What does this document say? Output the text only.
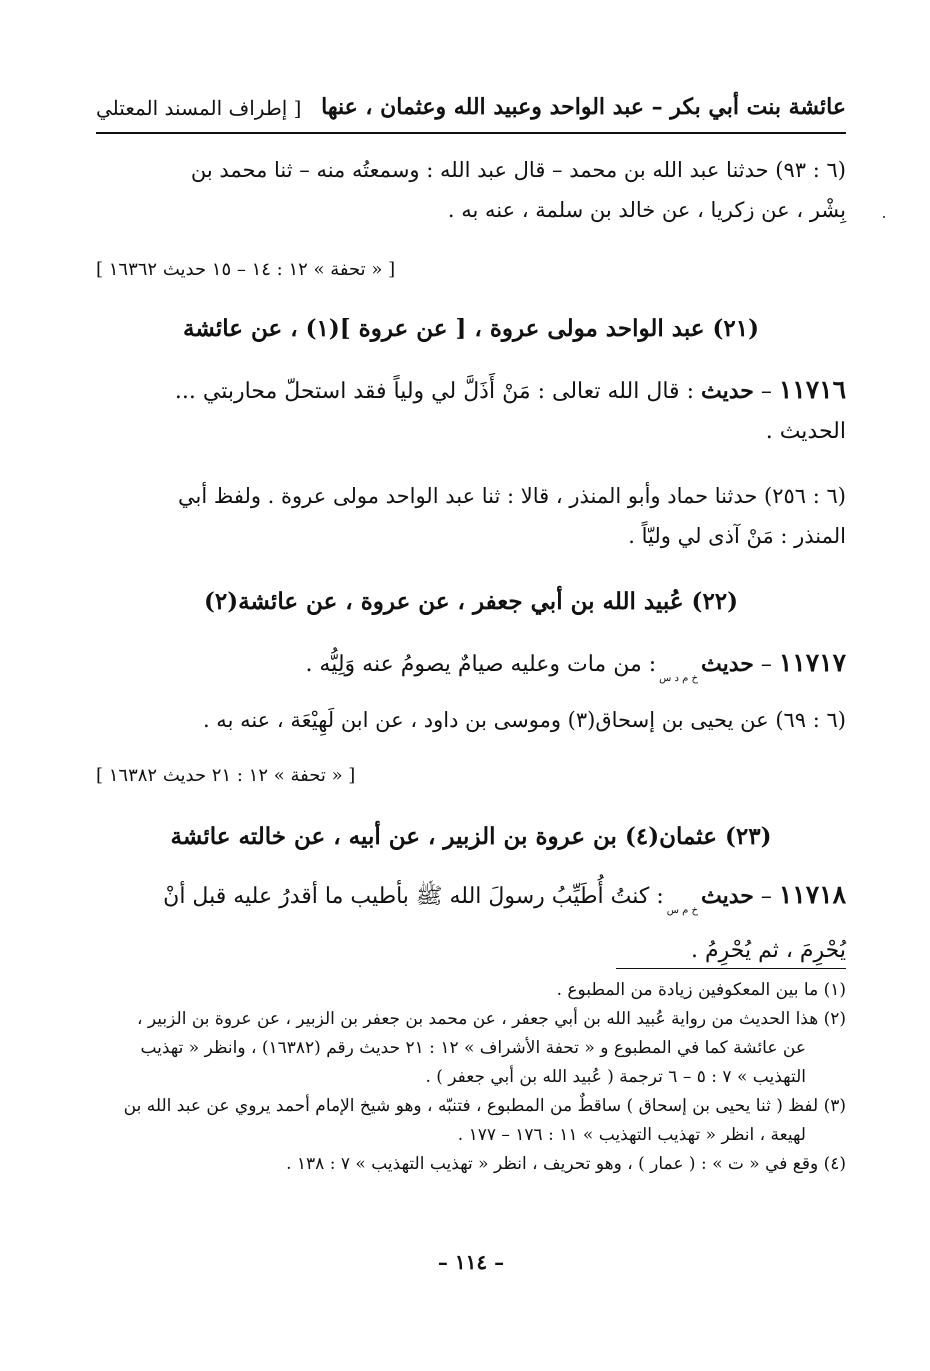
عائشة بنت أبي بكر – عبد الواحد وعبيد الله وعثمان ، عنها
[ إطراف المسند المعتلي
(٦ : ٩٣) حدثنا عبد الله بن محمد – قال عبد الله : وسمعتُه منه – ثنا محمد بن
بِشْر ، عن زكريا ، عن خالد بن سلمة ، عنه به .
[ « تحفة » ١٢ : ١٤ – ١٥ حديث ١٦٣٦٢ ]
(٢١) عبد الواحد مولى عروة ، [ عن عروة ](١) ، عن عائشة
١١٧١٦ – حديث : قال الله تعالى : مَنْ أَذَلَّ لي ولياً فقد استحلّ محاربتي ...
الحديث .
(٦ : ٢٥٦) حدثنا حماد وأبو المنذر ، قالا : ثنا عبد الواحد مولى عروة . ولفظ أبي
المنذر : مَنْ آذى لي وليّاً .
(٢٢) عُبيد الله بن أبي جعفر ، عن عروة ، عن عائشة(٢)
١١٧١٧ – حديث $_{خ م د س}$ : من مات وعليه صيامٌ يصومُ عنه وَلِيُّه .
(٦ : ٦٩) عن يحيى بن إسحاق(٣) وموسى بن داود ، عن ابن لَهِيْعَة ، عنه به .
[ « تحفة » ١٢ : ٢١ حديث ١٦٣٨٢ ]
(٢٣) عثمان(٤) بن عروة بن الزبير ، عن أبيه ، عن خالته عائشة
١١٧١٨ – حديث $_{خ م س}$ : كنتُ أُطَيِّبُ رسولَ الله ﷺ بأطيب ما أقدرُ عليه قبل أنْ
يُحْرِمَ ، ثم يُحْرِمُ .
(١) ما بين المعكوفين زيادة من المطبوع .
(٢) هذا الحديث من رواية عُبيد الله بن أبي جعفر ، عن محمد بن جعفر بن الزبير ، عن عروة بن الزبير ،
عن عائشة كما في المطبوع و « تحفة الأشراف » ١٢ : ٢١ حديث رقم (١٦٣٨٢) ، وانظر « تهذيب
التهذيب » ٧ : ٥ – ٦ ترجمة ( عُبيد الله بن أبي جعفر ) .
(٣) لفظ ( ثنا يحيى بن إسحاق ) ساقطٌ من المطبوع ، فتنبّه ، وهو شيخ الإمام أحمد يروي عن عبد الله بن
لهيعة ، انظر « تهذيب التهذيب » ١١ : ١٧٦ – ١٧٧ .
(٤) وقع في « ت » : ( عمار ) ، وهو تحريف ، انظر « تهذيب التهذيب » ٧ : ١٣٨ .
– ١١٤ –
